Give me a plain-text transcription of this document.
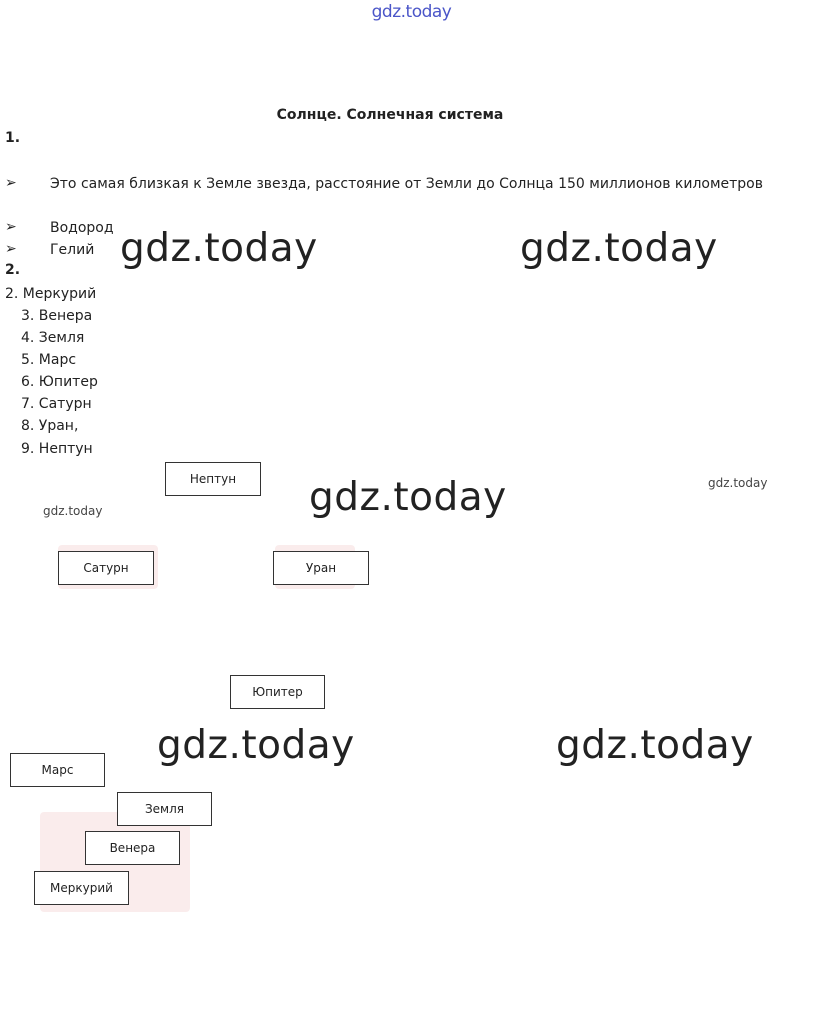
gdz.today
Солнце. Солнечная система
1.
➢ Это самая близкая к Земле звезда, расстояние от Земли до Солнца 150 миллионов километров
➢ Водород
➢ Гелий
2.
2. Меркурий
3. Венера
4. Земля
5. Марс
6. Юпитер
7. Сатурн
8. Уран,
9. Нептун
Нептун
Сатурн	Уран
Юпитер
Марс
Земля
Венера
Меркурий
gdz.today	gdz.today
gdz.today
gdz.today	gdz.today
gdz.today
gdz.today
